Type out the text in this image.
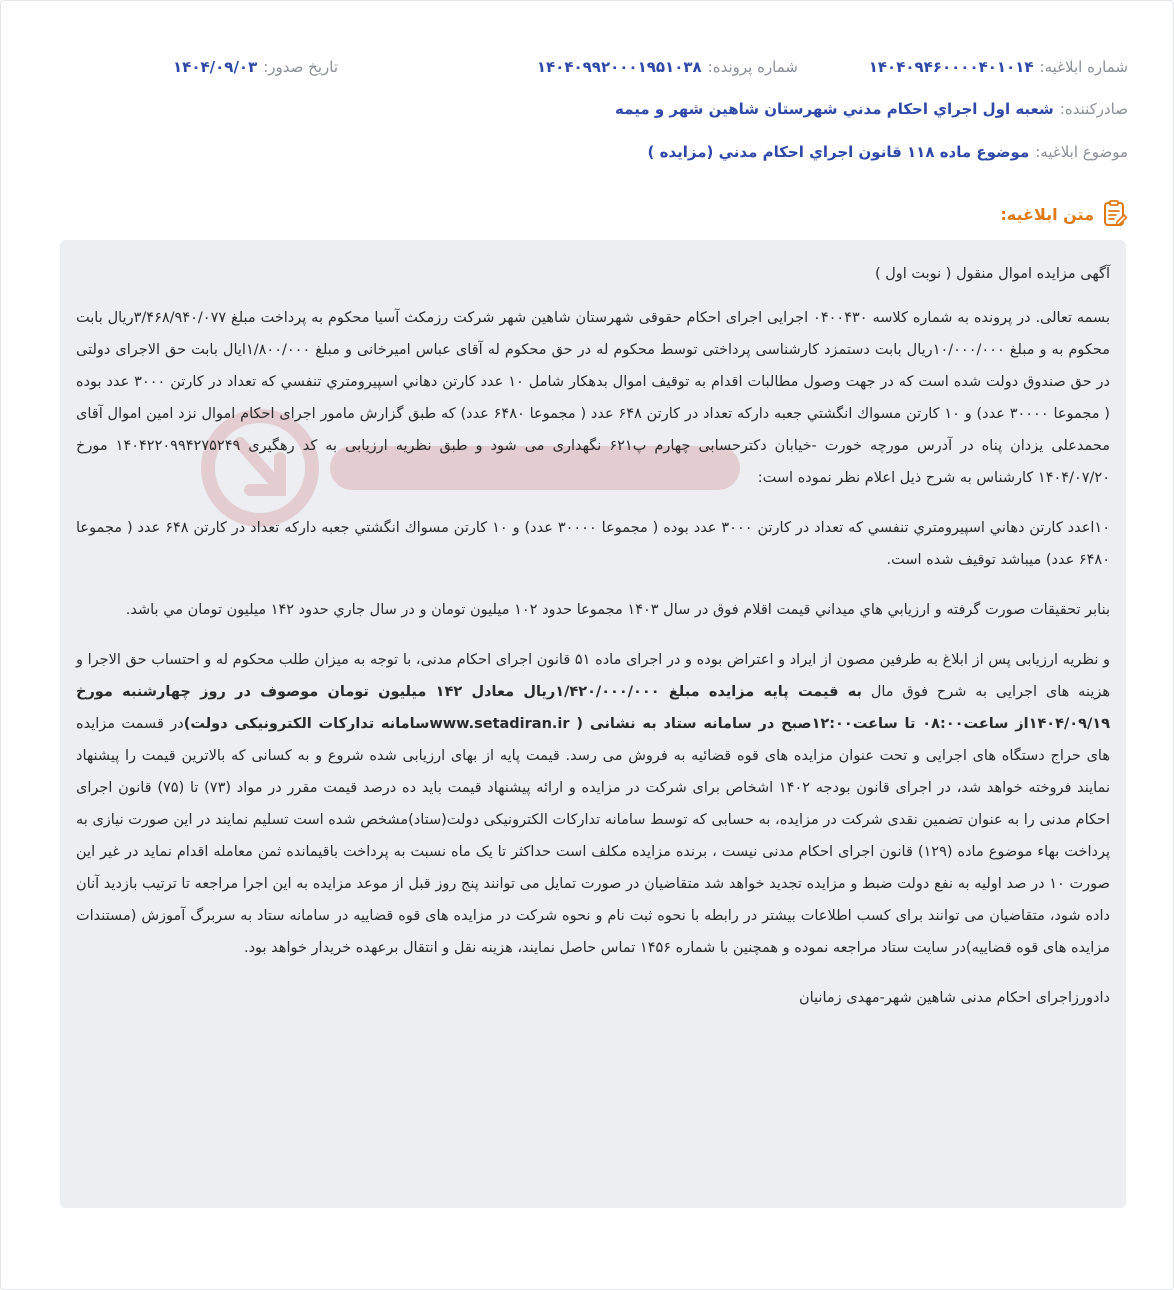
شماره ابلاغیه:
۱۴۰۴۰۹۴۶۰۰۰۰۴۰۱۰۱۴
شماره پرونده:
۱۴۰۴۰۹۹۲۰۰۰۱۹۵۱۰۳۸
تاریخ صدور:
۱۴۰۴/۰۹/۰۳
صادرکننده:
شعبه اول اجراي احکام مدني شهرستان شاهين شهر و ميمه
موضوع ابلاغیه:
موضوع ماده ۱۱۸ قانون اجراي احکام مدني (مزايده )
متن ابلاغیه:

آگهی مزایده اموال منقول ( نوبت اول )

بسمه تعالی. در پرونده به شماره کلاسه ۰۴۰۰۴۳۰ اجرایی اجرای احکام حقوقی شهرستان شاهین شهر شرکت رزمکث آسیا محکوم به پرداخت مبلغ ۳/۴۶۸/۹۴۰/۰۷۷ریال بابت محکوم به و مبلغ ۱۰/۰۰۰/۰۰۰ریال بابت دستمزد کارشناسی پرداختی توسط محکوم له در حق محکوم له آقای عباس امیرخانی و مبلغ ۱/۸۰۰/۰۰۰ایال بابت حق الاجرای دولتی در حق صندوق دولت شده است که در جهت وصول مطالبات اقدام به توقیف اموال بدهکار شامل ۱۰ عدد کارتن دهاني اسپيرومتري تنفسي که تعداد در کارتن ۳۰۰۰ عدد بوده ( مجموعا ۳۰۰۰۰ عدد) و ۱۰ کارتن مسواك انگشتي جعبه دارکه تعداد در کارتن ۶۴۸ عدد ( مجموعا ۶۴۸۰ عدد) که طبق گزارش مامور اجرای احکام اموال نزد امین اموال آقای محمدعلی یزدان پناه در آدرس مورچه خورت -خیابان دکترحسابی چهارم پ۶۲۱ نگهداری می شود و طبق نظریه ارزیابی به کد رهگیری ۱۴۰۴۲۲۰۹۹۴۲۷۵۲۴۹ مورخ ۱۴۰۴/۰۷/۲۰ کارشناس به شرح ذیل اعلام نظر نموده است:

۱۰اعدد کارتن دهاني اسپيرومتري تنفسي که تعداد در کارتن ۳۰۰۰ عدد بوده ( مجموعا ۳۰۰۰۰ عدد) و ۱۰ کارتن مسواك انگشتي جعبه دارکه تعداد در کارتن ۶۴۸ عدد ( مجموعا ۶۴۸۰ عدد) میباشد توقیف شده است.

بنابر تحقيقات صورت گرفته و ارزيابي هاي ميداني قيمت اقلام فوق در سال ۱۴۰۳ مجموعا حدود ۱۰۲ ميليون تومان و در سال جاري حدود ۱۴۲ ميليون تومان مي باشد.

و نظریه ارزیابی پس از ابلاغ به طرفین مصون از ایراد و اعتراض بوده و در اجرای ماده ۵۱ قانون اجرای احکام مدنی، با توجه به میزان طلب محکوم له و احتساب حق الاجرا و هزینه های اجرایی به شرح فوق مال به قیمت پایه مزایده مبلغ ۱/۴۲۰/۰۰۰/۰۰۰ریال معادل ۱۴۲ میلیون تومان موصوف در روز چهارشنبه مورخ ۱۴۰۴/۰۹/۱۹از ساعت۰۸:۰۰ تا ساعت۱۲:۰۰صبح در سامانه ستاد به نشانی ( www.setadiran.irسامانه تدارکات الکترونیکی دولت)در قسمت مزایده های حراج دستگاه های اجرایی و تحت عنوان مزایده های قوه قضائیه به فروش می رسد. قیمت پایه از بهای ارزیابی شده شروع و به کسانی که بالاترین قیمت را پیشنهاد نمایند فروخته خواهد شد، در اجرای قانون بودجه ۱۴۰۲ اشخاص برای شرکت در مزایده و ارائه پیشنهاد قیمت باید ده درصد قیمت مقرر در مواد (۷۳) تا (۷۵) قانون اجرای احکام مدنی را به عنوان تضمین نقدی شرکت در مزایده، به حسابی که توسط سامانه تدارکات الکترونیکی دولت(ستاد)مشخص شده است تسلیم نمایند در این صورت نیازی به پرداخت بهاء موضوع ماده (۱۲۹) قانون اجرای احکام مدنی نیست ، برنده مزایده مکلف است حداکثر تا یک ماه نسبت به پرداخت باقیمانده ثمن معامله اقدام نماید در غیر این صورت ۱۰ در صد اولیه به نفع دولت ضبط و مزایده تجدید خواهد شد متقاضیان در صورت تمایل می توانند پنج روز قبل از موعد مزایده به این اجرا مراجعه تا ترتیب بازدید آنان داده شود، متقاضیان می توانند برای کسب اطلاعات بیشتر در رابطه با نحوه ثبت نام و نحوه شرکت در مزایده های قوه قضاییه در سامانه ستاد به سربرگ آموزش (مستندات مزایده های قوه قضاییه)در سایت ستاد مراجعه نموده و همچنین با شماره ۱۴۵۶ تماس حاصل نمایند، هزینه نقل و انتقال برعهده خریدار خواهد بود.

دادورزاجرای احکام مدنی شاهین شهر-مهدی زمانیان
